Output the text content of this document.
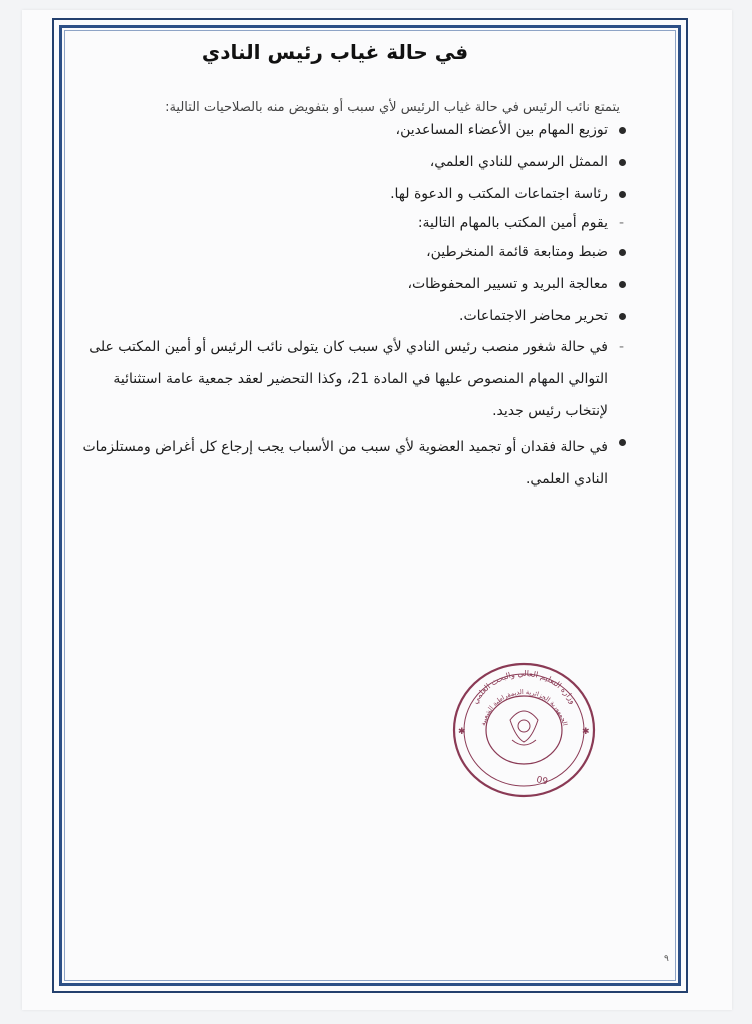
في حالة غياب رئيس النادي
يتمتع نائب الرئيس في حالة غياب الرئيس لأي سبب أو بتفويض منه بالصلاحيات التالية:
توزيع المهام بين الأعضاء المساعدين،
الممثل الرسمي للنادي العلمي،
رئاسة اجتماعات المكتب و الدعوة لها.
- يقوم أمين المكتب بالمهام التالية:
ضبط ومتابعة قائمة المنخرطين،
معالجة البريد و تسيير المحفوظات،
تحرير محاضر الاجتماعات.
- في حالة شغور منصب رئيس النادي لأي سبب كان يتولى نائب الرئيس أو أمين المكتب على التوالي المهام المنصوص عليها في المادة 21، وكذا التحضير لعقد جمعية عامة استثنائية لإنتخاب رئيس جديد.
في حالة فقدان أو تجميد العضوية لأي سبب من الأسباب يجب إرجاع كل أغراض ومستلزمات النادي العلمي.
وزارة التعليم العالي والبحث العلمي
الجمهورية الجزائرية الديمقراطية الشعبية
09
✱	✱
٩
